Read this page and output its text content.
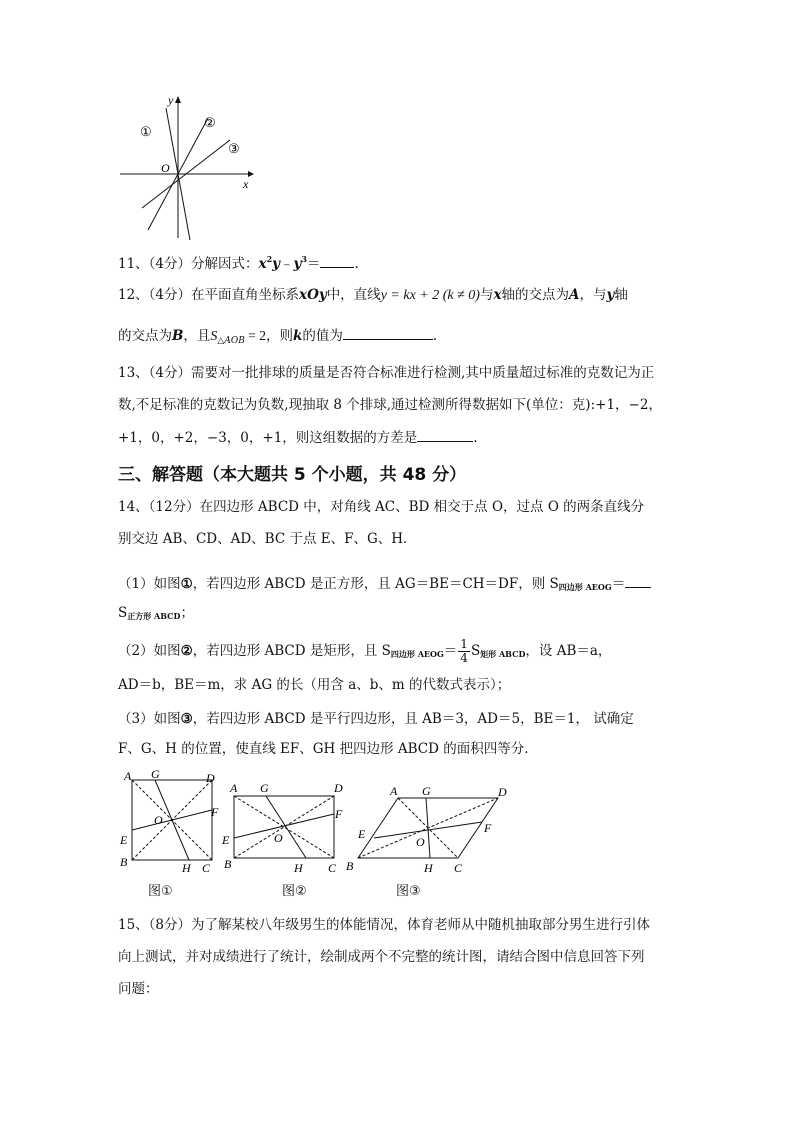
y
x
O
①
②
③
11、（4分）分解因式：$x^2y﹣y^3=$	.
12、（4分）在平面直角坐标系xOy中，直线y = kx + 2 (k ≠ 0)与x轴的交点为A，与y轴
的交点为B，且$S_{\triangle AOB} = 2$，则k的值为	.
13、（4分）需要对一批排球的质量是否符合标准进行检测,其中质量超过标准的克数记为正
数,不足标准的克数记为负数,现抽取 8 个排球,通过检测所得数据如下(单位：克):+1，−2，
+1，0，+2，−3，0，+1，则这组数据的方差是	.
三、解答题（本大题共 5 个小题，共 48 分）
14、（12分）在四边形 ABCD 中，对角线 AC、BD 相交于点 O，过点 O 的两条直线分
别交边 AB、CD、AD、BC 于点 E、F、G、H．
（1）如图①，若四边形 ABCD 是正方形，且 AG＝BE＝CH＝DF，则 $S_{四边形 AEOG}=$
$S_{正方形 ABCD}$；
（2）如图②，若四边形 ABCD 是矩形，且 $S_{四边形 AEOG}= \frac{1}{4} S_{矩形 ABCD}$，设 AB＝a，
AD＝b，BE＝m，求 AG 的长（用含 a、b、m 的代数式表示）；
（3）如图③，若四边形 ABCD 是平行四边形，且 AB＝3，AD＝5，BE＝1， 试确定
F、G、H 的位置，使直线 EF、GH 把四边形 ABCD 的面积四等分.
A G	D
F
O
E
B	H C
图①
A G	D
F
O
E
B	H C
图②
A G	D
F
O
E
B	H C
图③
15、（8分）为了解某校八年级男生的体能情况，体育老师从中随机抽取部分男生进行引体
向上测试，并对成绩进行了统计，绘制成两个不完整的统计图，请结合图中信息回答下列
问题：
